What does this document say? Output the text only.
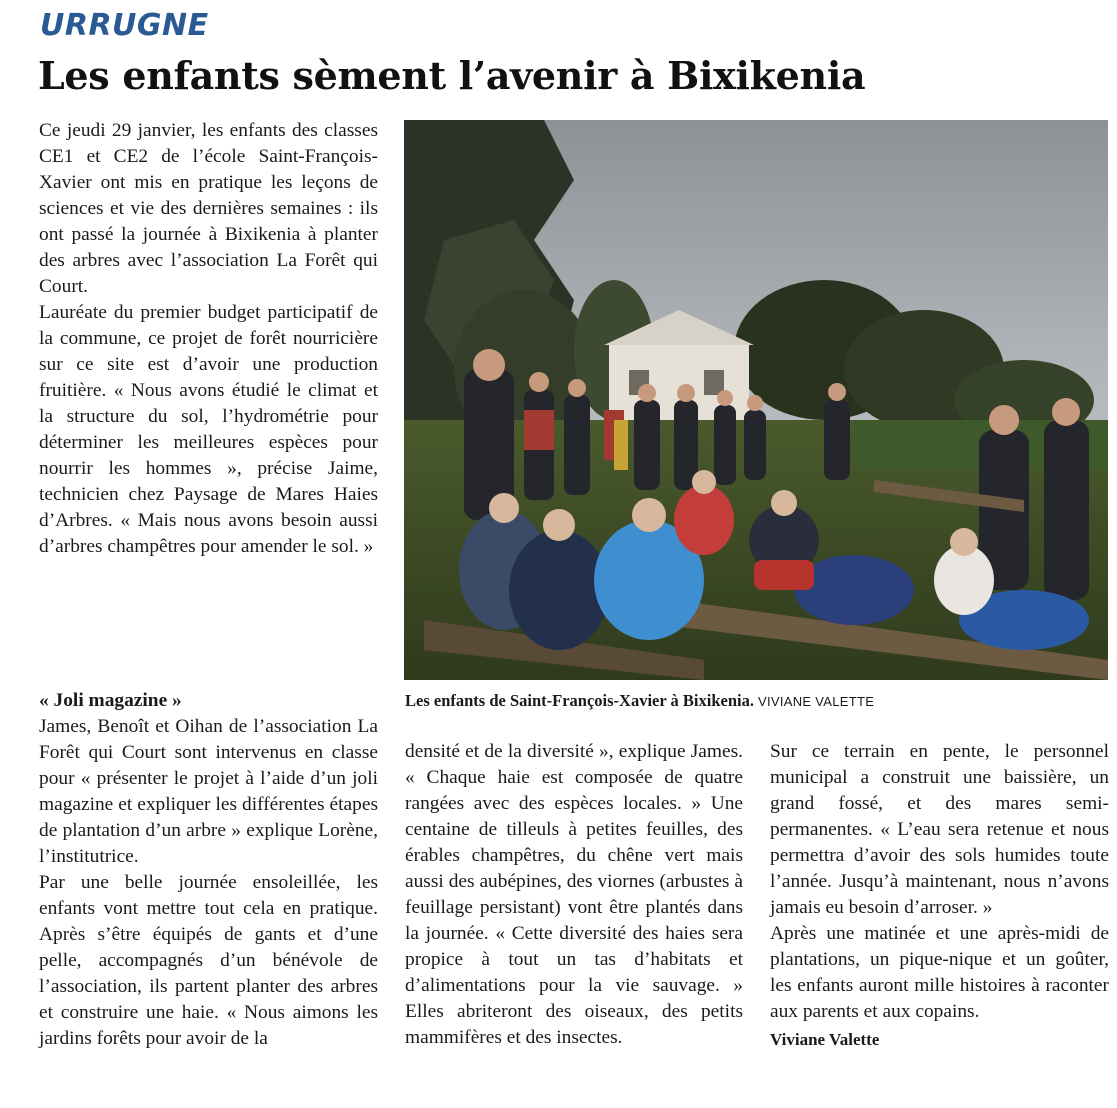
URRUGNE
Les enfants sèment l’avenir à Bixikenia

Ce jeudi 29 janvier, les enfants des classes CE1 et CE2 de l’école Saint-François-Xavier ont mis en pratique les leçons de sciences et vie des dernières semaines : ils ont passé la journée à Bixikenia à planter des arbres avec l’association La Forêt qui Court.

Lauréate du premier budget participatif de la commune, ce projet de forêt nourricière sur ce site est d’avoir une production fruitière. « Nous avons étudié le climat et la structure du sol, l’hydrométrie pour déterminer les meilleures espèces pour nourrir les hommes », précise Jaime, technicien chez Paysage de Mares Haies d’Arbres. « Mais nous avons besoin aussi d’arbres champêtres pour amender le sol. »

« Joli magazine »

James, Benoît et Oihan de l’association La Forêt qui Court sont intervenus en classe pour « présenter le projet à l’aide d’un joli magazine et expliquer les différentes étapes de plantation d’un arbre » explique Lorène, l’institutrice.

Par une belle journée ensoleillée, les enfants vont mettre tout cela en pratique. Après s’être équipés de gants et d’une pelle, accompagnés d’un bénévole de l’association, ils partent planter des arbres et construire une haie. « Nous aimons les jardins forêts pour avoir de la

Les enfants de Saint-François-Xavier à Bixikenia. VIVIANE VALETTE

densité et de la diversité », explique James. « Chaque haie est composée de quatre rangées avec des espèces locales. » Une centaine de tilleuls à petites feuilles, des érables champêtres, du chêne vert mais aussi des aubépines, des viornes (arbustes à feuillage persistant) vont être plantés dans la journée. « Cette diversité des haies sera propice à tout un tas d’habitats et d’alimentations pour la vie sauvage. » Elles abriteront des oiseaux, des petits mammifères et des insectes.

Sur ce terrain en pente, le personnel municipal a construit une baissière, un grand fossé, et des mares semi-permanentes. « L’eau sera retenue et nous permettra d’avoir des sols humides toute l’année. Jusqu’à maintenant, nous n’avons jamais eu besoin d’arroser. »

Après une matinée et une après-midi de plantations, un pique-nique et un goûter, les enfants auront mille histoires à raconter aux parents et aux copains.

Viviane Valette
